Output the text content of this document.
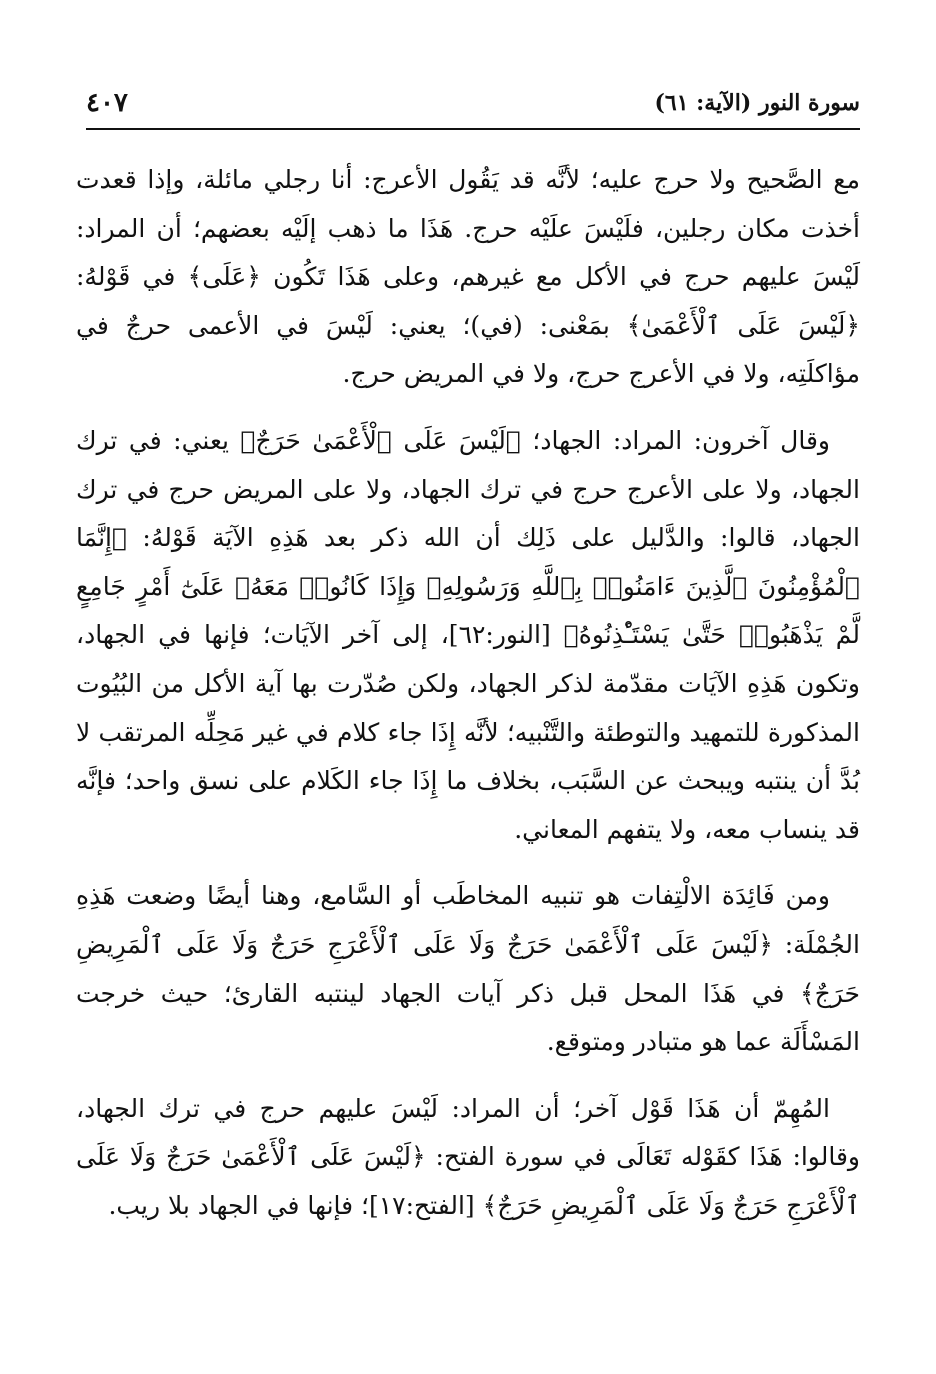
سورة النور (الآية: ٦١)
٤٠٧

مع الصَّحيح ولا حرج عليه؛ لأنَّه قد يَقُول الأعرج: أنا رجلي مائلة، وإذا قعدت أخذت مكان رجلين، فلَيْسَ علَيْه حرج. هَذَا ما ذهب إلَيْه بعضهم؛ أن المراد: لَيْسَ عليهم حرج في الأكل مع غيرهم، وعلى هَذَا تَكُون ﴿عَلَى﴾ في قَوْلهُ: ﴿لَيْسَ عَلَى ٱلْأَعْمَىٰ﴾ بمَعْنى: (في)؛ يعني: لَيْسَ في الأعمى حرجٌ في مؤاكلَتِه، ولا في الأعرج حرج، ولا في المريض حرج.

وقال آخرون: المراد: الجهاد؛ ﴿لَيْسَ عَلَى ٱلْأَعْمَىٰ حَرَجٌ﴾ يعني: في ترك الجهاد، ولا على الأعرج حرج في ترك الجهاد، ولا على المريض حرج في ترك الجهاد، قالوا: والدَّليل على ذَلِك أن الله ذكر بعد هَذِهِ الآيَة قَوْلهُ: ﴿إِنَّمَا ٱلْمُؤْمِنُونَ ٱلَّذِينَ ءَامَنُوا۟ بِٱللَّهِ وَرَسُولِهِۦ وَإِذَا كَانُوا۟ مَعَهُۥ عَلَىٰٓ أَمْرٍ جَامِعٍ لَّمْ يَذْهَبُوا۟ حَتَّىٰ يَسْتَـْٔذِنُوهُ﴾ [النور:٦٢]، إلى آخر الآيَات؛ فإنها في الجهاد، وتكون هَذِهِ الآيَات مقدّمة لذكر الجهاد، ولكن صُدّرت بها آية الأكل من البُيُوت المذكورة للتمهيد والتوطئة والتَّنْبيه؛ لأنَّه إِذَا جاء كلام في غير مَحِلِّه المرتقب لا بُدَّ أن ينتبه ويبحث عن السَّبَب، بخلاف ما إِذَا جاء الكَلام على نسق واحد؛ فإنَّه قد ينساب معه، ولا يتفهم المعاني.

ومن فَائِدَة الالْتِفات هو تنبيه المخاطَب أو السَّامع، وهنا أيضًا وضعت هَذِهِ الجُمْلَة: ﴿لَيْسَ عَلَى ٱلْأَعْمَىٰ حَرَجٌ وَلَا عَلَى ٱلْأَعْرَجِ حَرَجٌ وَلَا عَلَى ٱلْمَرِيضِ حَرَجٌ﴾ في هَذَا المحل قبل ذكر آيات الجهاد لينتبه القارئ؛ حيث خرجت المَسْأَلَة عما هو متبادر ومتوقع.

المُهِمّ أن هَذَا قَوْل آخر؛ أن المراد: لَيْسَ عليهم حرج في ترك الجهاد، وقالوا: هَذَا كقَوْله تَعَالَى في سورة الفتح: ﴿لَيْسَ عَلَى ٱلْأَعْمَىٰ حَرَجٌ وَلَا عَلَى ٱلْأَعْرَجِ حَرَجٌ وَلَا عَلَى ٱلْمَرِيضِ حَرَجٌ﴾ [الفتح:١٧]؛ فإنها في الجهاد بلا ريب.
